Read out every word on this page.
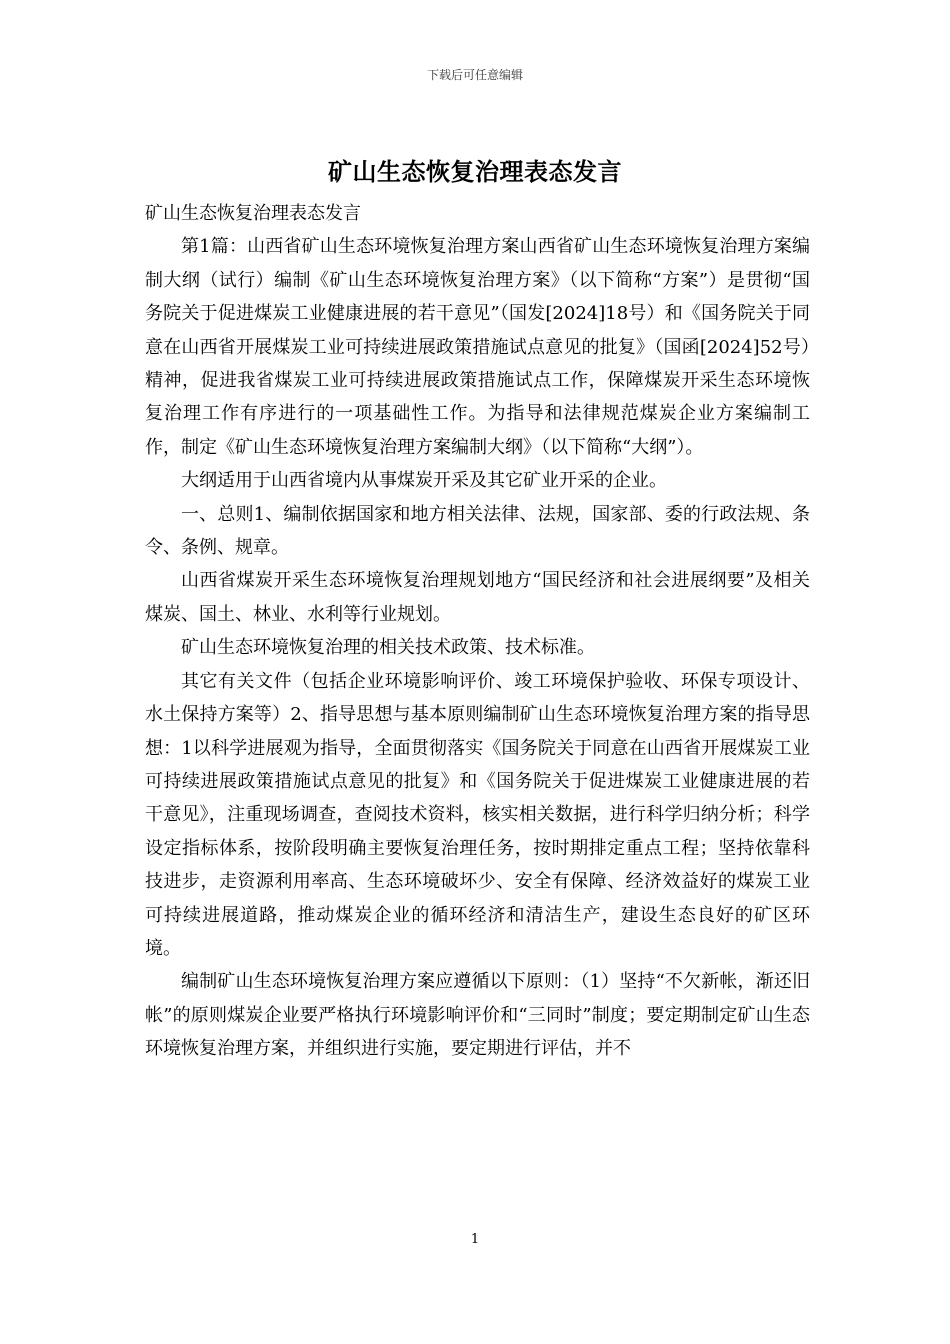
下载后可任意编辑
矿山生态恢复治理表态发言

矿山生态恢复治理表态发言

第1篇：山西省矿山生态环境恢复治理方案山西省矿山生态环境恢复治理方案编制大纲（试行）编制《矿山生态环境恢复治理方案》（以下简称“方案”）是贯彻“国务院关于促进煤炭工业健康进展的若干意见”（国发[2024]18号）和《国务院关于同意在山西省开展煤炭工业可持续进展政策措施试点意见的批复》（国函[2024]52号）精神，促进我省煤炭工业可持续进展政策措施试点工作，保障煤炭开采生态环境恢复治理工作有序进行的一项基础性工作。为指导和法律规范煤炭企业方案编制工作，制定《矿山生态环境恢复治理方案编制大纲》（以下简称“大纲”）。

大纲适用于山西省境内从事煤炭开采及其它矿业开采的企业。

一、总则1、编制依据国家和地方相关法律、法规，国家部、委的行政法规、条令、条例、规章。

山西省煤炭开采生态环境恢复治理规划地方“国民经济和社会进展纲要”及相关煤炭、国土、林业、水利等行业规划。

矿山生态环境恢复治理的相关技术政策、技术标准。

其它有关文件（包括企业环境影响评价、竣工环境保护验收、环保专项设计、水土保持方案等）2、指导思想与基本原则编制矿山生态环境恢复治理方案的指导思想：1以科学进展观为指导，全面贯彻落实《国务院关于同意在山西省开展煤炭工业可持续进展政策措施试点意见的批复》和《国务院关于促进煤炭工业健康进展的若干意见》，注重现场调查，查阅技术资料，核实相关数据，进行科学归纳分析；科学设定指标体系，按阶段明确主要恢复治理任务，按时期排定重点工程；坚持依靠科技进步，走资源利用率高、生态环境破坏少、安全有保障、经济效益好的煤炭工业可持续进展道路，推动煤炭企业的循环经济和清洁生产，建设生态良好的矿区环境。

编制矿山生态环境恢复治理方案应遵循以下原则：（1）坚持“不欠新帐，渐还旧帐”的原则煤炭企业要严格执行环境影响评价和“三同时”制度；要定期制定矿山生态环境恢复治理方案，并组织进行实施，要定期进行评估，并不

1
